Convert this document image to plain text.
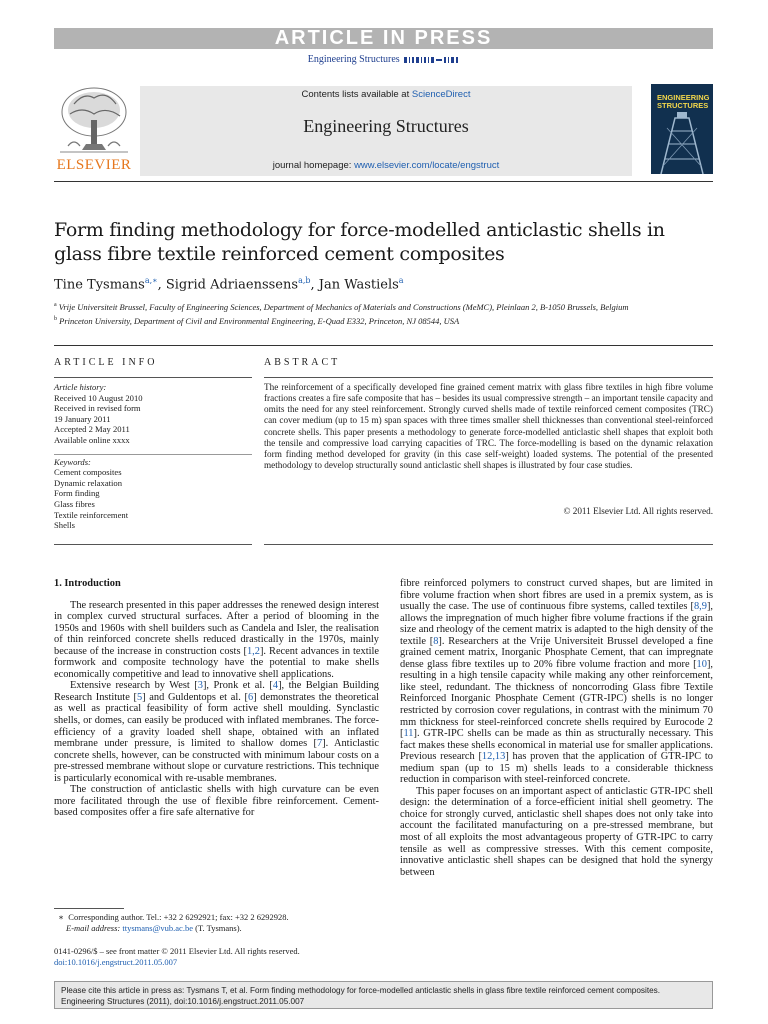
ARTICLE IN PRESS
Engineering Structures
ELSEVIER
Contents lists available at ScienceDirect
Engineering Structures
journal homepage: www.elsevier.com/locate/engstruct
ENGINEERING
STRUCTURES
Form finding methodology for force-modelled anticlastic shells in glass fibre textile reinforced cement composites
Tine Tysmans$^{a,∗}$, Sigrid Adriaenssens$^{a,b}$, Jan Wastiels$^a$
$^a$ Vrije Universiteit Brussel, Faculty of Engineering Sciences, Department of Mechanics of Materials and Constructions (MeMC), Pleinlaan 2, B-1050 Brussels, Belgium
$^b$ Princeton University, Department of Civil and Environmental Engineering, E-Quad E332, Princeton, NJ 08544, USA
ARTICLE INFO
Article history:
Received 10 August 2010
Received in revised form
19 January 2011
Accepted 2 May 2011
Available online xxxx
Keywords:
Cement composites
Dynamic relaxation
Form finding
Glass fibres
Textile reinforcement
Shells
ABSTRACT
The reinforcement of a specifically developed fine grained cement matrix with glass fibre textiles in high fibre volume fractions creates a fire safe composite that has – besides its usual compressive strength – an important tensile capacity and omits the need for any steel reinforcement. Strongly curved shells made of textile reinforced cement composites (TRC) can cover medium (up to 15 m) span spaces with three times smaller shell thicknesses than conventional steel-reinforced concrete shells. This paper presents a methodology to generate force-modelled anticlastic shell shapes that exploit both the tensile and compressive load carrying capacities of TRC. The force-modelling is based on the dynamic relaxation form finding method developed for gravity (in this case self-weight) loaded systems. The potential of the presented methodology to develop structurally sound anticlastic shell shapes is illustrated by four case studies.
© 2011 Elsevier Ltd. All rights reserved.
1. Introduction

The research presented in this paper addresses the renewed design interest in complex curved structural surfaces. After a period of blooming in the 1950s and 1960s with shell builders such as Candela and Isler, the realisation of thin reinforced concrete shells reduced drastically in the 1970s, mainly because of the increase in construction costs [1,2]. Recent advances in textile formwork and composite technology have the potential to make shells economically competitive and lead to innovative shell applications.

Extensive research by West [3], Pronk et al. [4], the Belgian Building Research Institute [5] and Guldentops et al. [6] demonstrates the theoretical as well as practical feasibility of form active shell moulding. Synclastic shells, or domes, can easily be produced with inflated membranes. The force-efficiency of a gravity loaded shell shape, obtained with an inflated membrane under pressure, is limited to shallow domes [7]. Anticlastic concrete shells, however, can be constructed with minimum labour costs on a pre-stressed membrane without slope or curvature restrictions. This technique is particularly economical with re-usable membranes.

The construction of anticlastic shells with high curvature can be even more facilitated through the use of flexible fibre reinforcement. Cement-based composites offer a fire safe alternative for

fibre reinforced polymers to construct curved shapes, but are limited in fibre volume fraction when short fibres are used in a premix system, as is usually the case. The use of continuous fibre systems, called textiles [8,9], allows the impregnation of much higher fibre volume fractions if the grain size and rheology of the cement matrix is adapted to the high density of the textile [8]. Researchers at the Vrije Universiteit Brussel developed a fine grained cement matrix, Inorganic Phosphate Cement, that can impregnate dense glass fibre textiles up to 20% fibre volume fraction and more [10], resulting in a high tensile capacity while making any other reinforcement, like steel, redundant. The thickness of noncorroding Glass fibre Textile Reinforced Inorganic Phosphate Cement (GTR-IPC) shells is no longer restricted by corrosion cover regulations, in contrast with the minimum 70 mm thickness for steel-reinforced concrete shells required by Eurocode 2 [11]. GTR-IPC shells can be made as thin as structurally necessary. This fact makes these shells economical in material use for smaller applications. Previous research [12,13] has proven that the application of GTR-IPC to medium span (up to 15 m) shells leads to a considerable thickness reduction in comparison with steel-reinforced concrete.

This paper focuses on an important aspect of anticlastic GTR-IPC shell design: the determination of a force-efficient initial shell geometry. The choice for strongly curved, anticlastic shell shapes does not only take into account the facilitated manufacturing on a pre-stressed membrane, but most of all exploits the most advantageous property of GTR-IPC to carry tensile as well as compressive stresses. With this cement composite, innovative anticlastic shell shapes can be designed that hold the synergy between

∗ Corresponding author. Tel.: +32 2 6292921; fax: +32 2 6292928.
E-mail address: ttysmans@vub.ac.be (T. Tysmans).
0141-0296/$ – see front matter © 2011 Elsevier Ltd. All rights reserved.
doi:10.1016/j.engstruct.2011.05.007
Please cite this article in press as: Tysmans T, et al. Form finding methodology for force-modelled anticlastic shells in glass fibre textile reinforced cement composites.
Engineering Structures (2011), doi:10.1016/j.engstruct.2011.05.007
